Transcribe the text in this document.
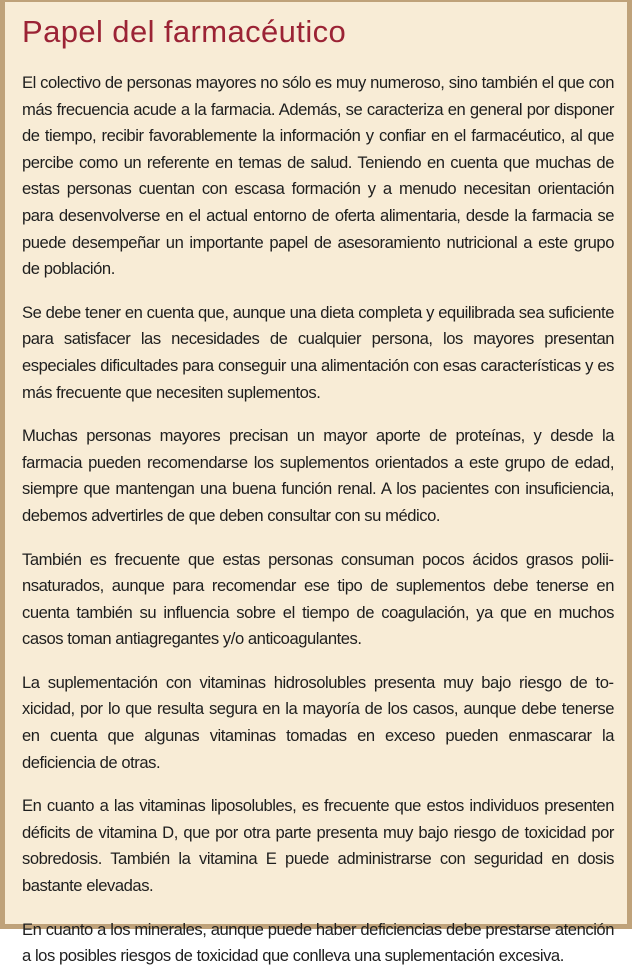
Papel del farmacéutico

El colectivo de personas mayores no sólo es muy numeroso, sino también el que con más frecuencia acude a la farmacia. Además, se caracteriza en general por disponer de tiempo, recibir favorablemente la información y confiar en el farmacéutico, al que percibe como un referente en temas de salud. Teniendo en cuenta que muchas de estas personas cuentan con escasa formación y a menudo necesitan orientación para desenvolverse en el actual entorno de oferta alimentaria, desde la farmacia se puede desempeñar un importante papel de asesoramiento nutricional a este grupo de población.

Se debe tener en cuenta que, aunque una dieta completa y equilibrada sea suficiente para satisfacer las necesidades de cualquier persona, los mayores presentan especiales dificultades para conseguir una alimentación con esas características y es más frecuente que necesiten suplementos.

Muchas personas mayores precisan un mayor aporte de proteínas, y desde la farmacia pueden recomendarse los suplementos orientados a este grupo de edad, siempre que mantengan una buena función renal. A los pacientes con insuficiencia, debemos advertirles de que deben consultar con su médico.

También es frecuente que estas personas consuman pocos ácidos grasos poliinsaturados, aunque para recomendar ese tipo de suplementos debe tenerse en cuenta también su influencia sobre el tiempo de coagulación, ya que en muchos casos toman antiagregantes y/o anticoagulantes.

La suplementación con vitaminas hidrosolubles presenta muy bajo riesgo de toxicidad, por lo que resulta segura en la mayoría de los casos, aunque debe tenerse en cuenta que algunas vitaminas tomadas en exceso pueden enmascarar la deficiencia de otras.

En cuanto a las vitaminas liposolubles, es frecuente que estos individuos presenten déficits de vitamina D, que por otra parte presenta muy bajo riesgo de toxicidad por sobredosis. También la vitamina E puede administrarse con seguridad en dosis bastante elevadas.

En cuanto a los minerales, aunque puede haber deficiencias debe prestarse atención a los posibles riesgos de toxicidad que conlleva una suplementación excesiva.
